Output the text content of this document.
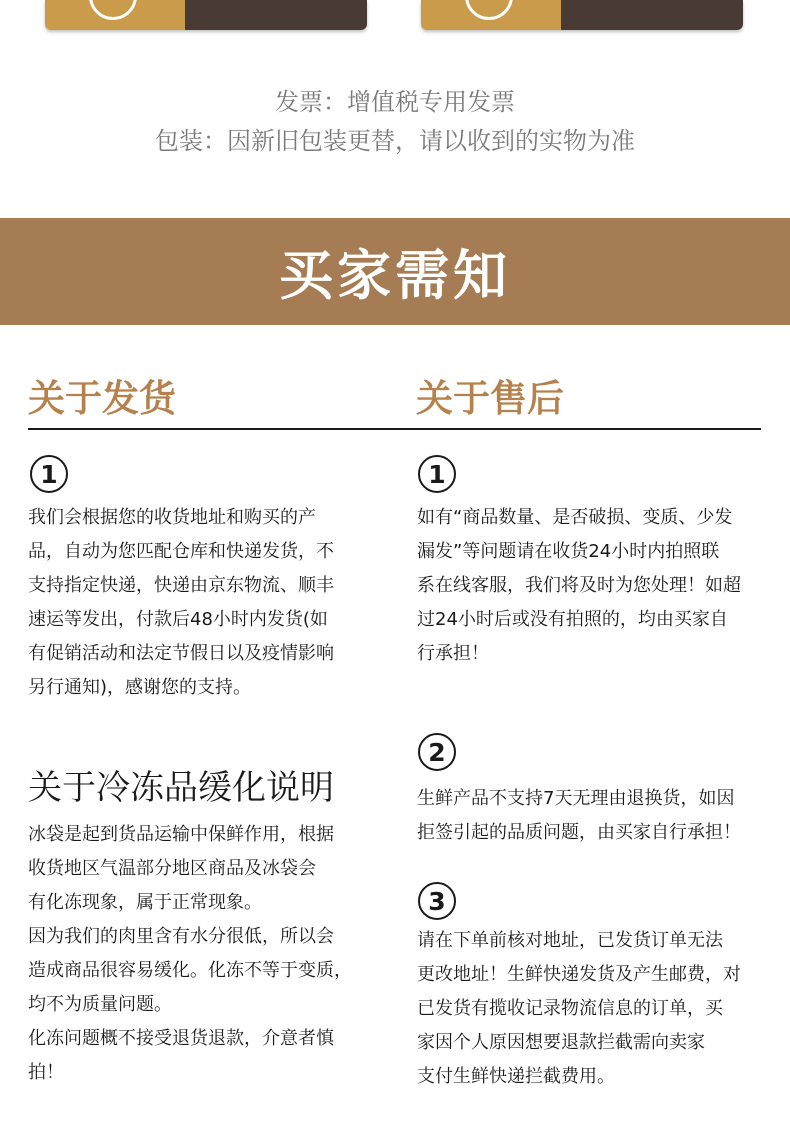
发票：增值税专用发票
包装：因新旧包装更替，请以收到的实物为准
买家需知
关于发货	关于售后
1
我们会根据您的收货地址和购买的产
品，自动为您匹配仓库和快递发货，不
支持指定快递，快递由京东物流、顺丰
速运等发出，付款后48小时内发货(如
有促销活动和法定节假日以及疫情影响
另行通知)，感谢您的支持。
关于冷冻品缓化说明
冰袋是起到货品运输中保鲜作用，根据
收货地区气温部分地区商品及冰袋会
有化冻现象，属于正常现象。
因为我们的肉里含有水分很低，所以会
造成商品很容易缓化。化冻不等于变质，
均不为质量问题。
化冻问题概不接受退货退款，介意者慎
拍！
1
如有“商品数量、是否破损、变质、少发
漏发”等问题请在收货24小时内拍照联
系在线客服，我们将及时为您处理！如超
过24小时后或没有拍照的，均由买家自
行承担！
2
生鲜产品不支持7天无理由退换货，如因
拒签引起的品质问题，由买家自行承担！
3
请在下单前核对地址，已发货订单无法
更改地址！生鲜快递发货及产生邮费，对
已发货有揽收记录物流信息的订单，买
家因个人原因想要退款拦截需向卖家
支付生鲜快递拦截费用。
